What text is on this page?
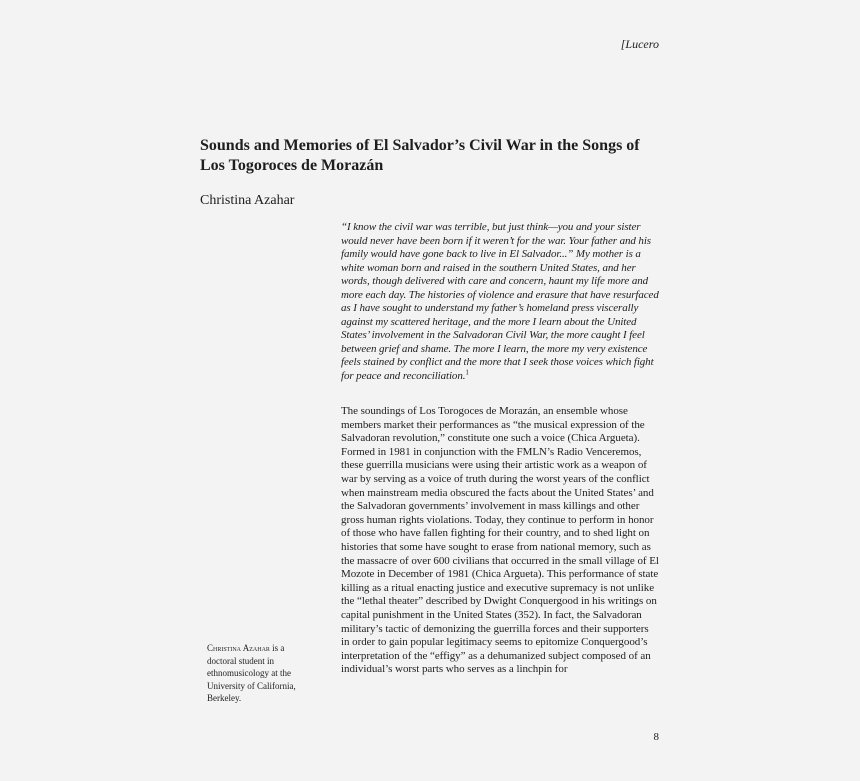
[Lucero
Sounds and Memories of El Salvador’s Civil War in the Songs of Los Togoroces de Morazán
Christina Azahar
“I know the civil war was terrible, but just think—you and your sister would never have been born if it weren’t for the war. Your father and his family would have gone back to live in El Salvador...” My mother is a white woman born and raised in the southern United States, and her words, though delivered with care and concern, haunt my life more and more each day. The histories of violence and erasure that have resurfaced as I have sought to understand my father’s homeland press viscerally against my scattered heritage, and the more I learn about the United States’ involvement in the Salvadoran Civil War, the more caught I feel between grief and shame. The more I learn, the more my very existence feels stained by conflict and the more that I seek those voices which fight for peace and reconciliation.$^1$
The soundings of Los Torogoces de Morazán, an ensemble whose members market their performances as “the musical expression of the Salvadoran revolution,” constitute one such a voice (Chica Argueta). Formed in 1981 in conjunction with the FMLN’s Radio Venceremos, these guerrilla musicians were using their artistic work as a weapon of war by serving as a voice of truth during the worst years of the conflict when mainstream media obscured the facts about the United States’ and the Salvadoran governments’ involvement in mass killings and other gross human rights violations. Today, they continue to perform in honor of those who have fallen fighting for their country, and to shed light on histories that some have sought to erase from national memory, such as the massacre of over 600 civilians that occurred in the small village of El Mozote in December of 1981 (Chica Argueta). This performance of state killing as a ritual enacting justice and executive supremacy is not unlike the “lethal theater” described by Dwight Conquergood in his writings on capital punishment in the United States (352). In fact, the Salvadoran military’s tactic of demonizing the guerrilla forces and their supporters in order to gain popular legitimacy seems to epitomize Conquergood’s interpretation of the “effigy” as a dehumanized subject composed of an individual’s worst parts who serves as a linchpin for
Christina Azahar is a doctoral student in ethnomusicology at the University of California, Berkeley.
8
